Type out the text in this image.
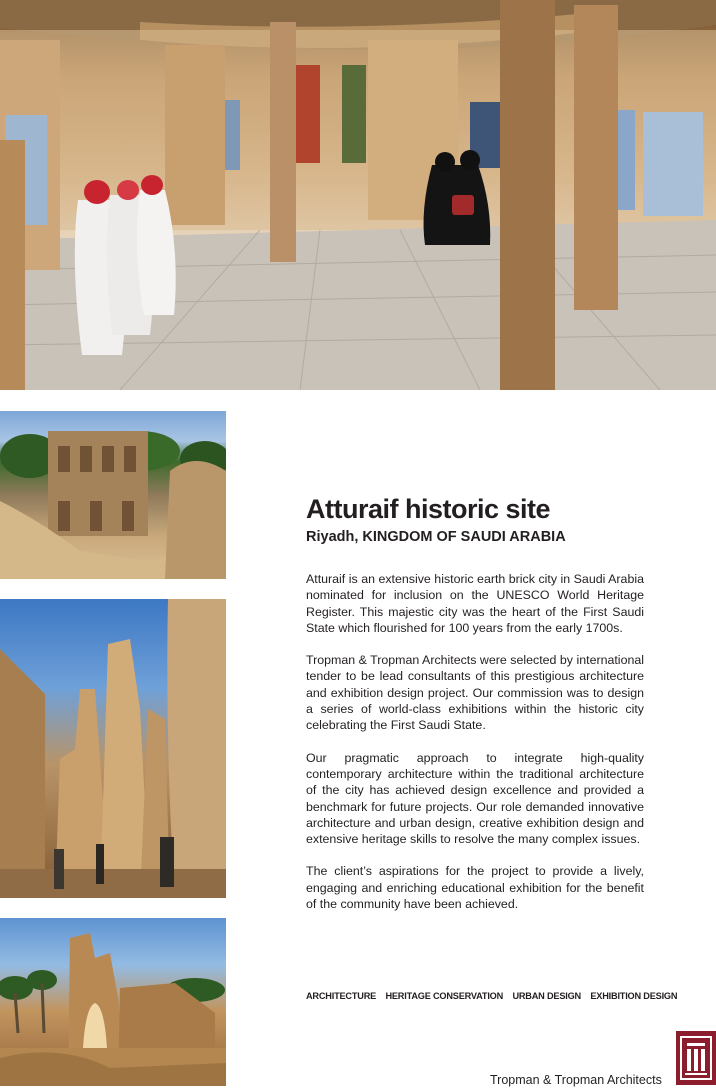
Atturaif historic site
Riyadh, KINGDOM OF SAUDI ARABIA

Atturaif is an extensive historic earth brick city in Saudi Arabia nominated for inclusion on the UNESCO World Heritage Register. This majestic city was the heart of the First Saudi State which flourished for 100 years from the early 1700s.

Tropman & Tropman Architects were selected by international tender to be lead consultants of this prestigious architecture and exhibition design project. Our commission was to design a series of world-class exhibitions within the historic city celebrating the First Saudi State.

Our pragmatic approach to integrate high-quality contemporary architecture within the traditional architecture of the city has achieved design excellence and provided a benchmark for future projects. Our role demanded innovative architecture and urban design, creative exhibition design and extensive heritage skills to resolve the many complex issues.

The client’s aspirations for the project to provide a lively, engaging and enriching educational exhibition for the benefit of the community have been achieved.

ARCHITECTURE HERITAGE CONSERVATION URBAN DESIGN EXHIBITION DESIGN
Tropman & Tropman Architects
